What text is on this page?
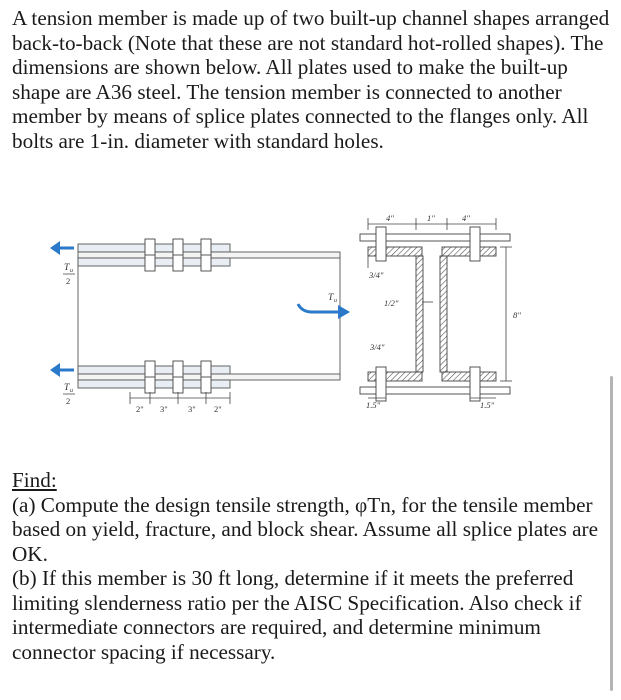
A tension member is made up of two built-up channel shapes arranged back-to-back (Note that these are not standard hot-rolled shapes). The dimensions are shown below. All plates used to make the built-up shape are A36 steel. The tension member is connected to another member by means of splice plates connected to the flanges only. All bolts are 1-in. diameter with standard holes.

T u
2
T u
2
2" 3" 3" 2"
T u
4"	1"	4"
3/4"
1/2"
3/4"
8"
1.5"	1.5"
Find:
(a) Compute the design tensile strength, φTn, for the tensile member based on yield, fracture, and block shear. Assume all splice plates are OK.
(b) If this member is 30 ft long, determine if it meets the preferred limiting slenderness ratio per the AISC Specification. Also check if intermediate connectors are required, and determine minimum connector spacing if necessary.
